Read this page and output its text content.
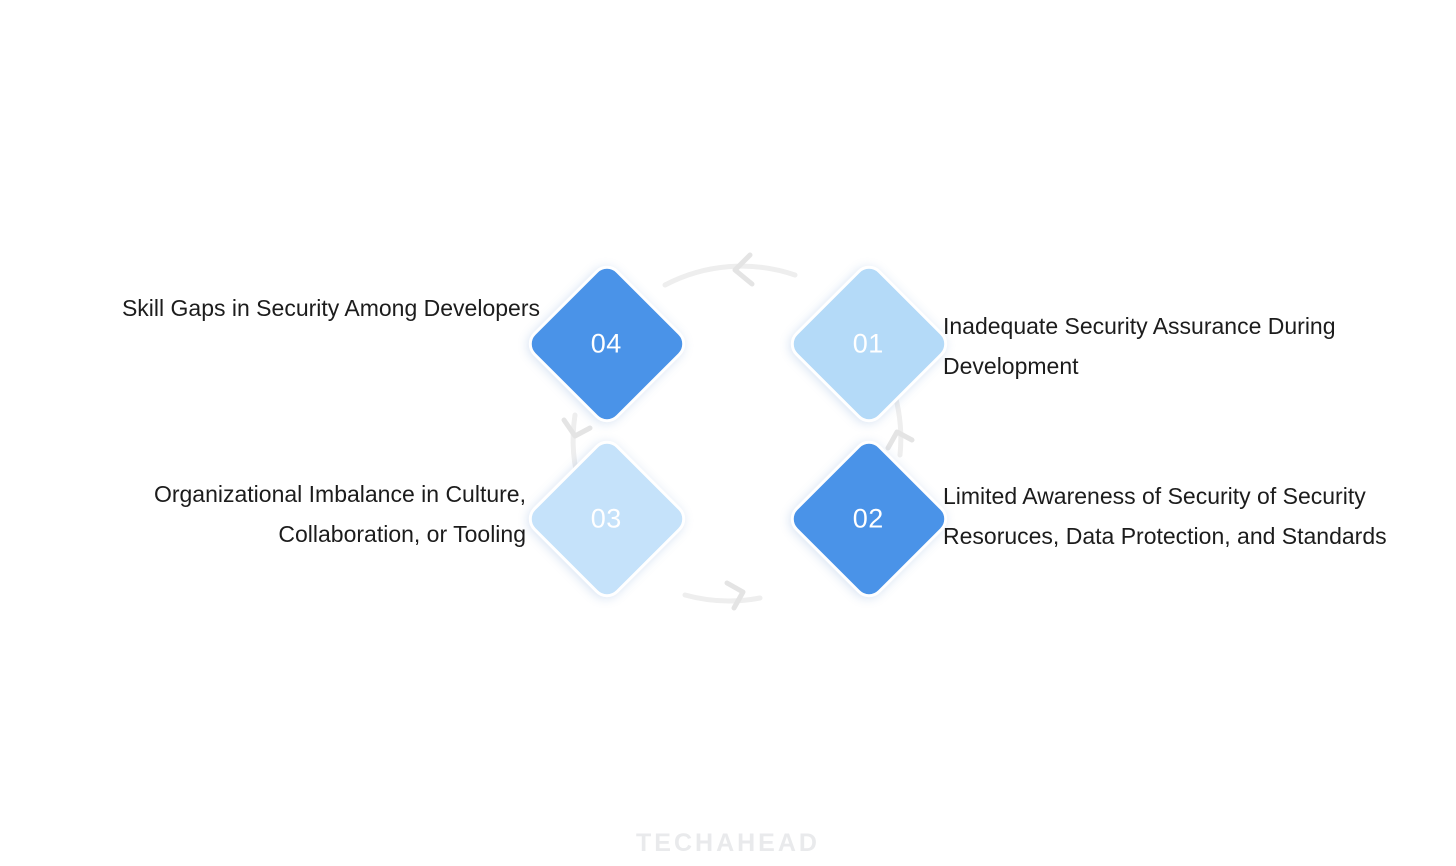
01
02
03
04
Inadequate Security Assurance During Development
Limited Awareness of Security of Security Resoruces, Data Protection, and Standards
Organizational Imbalance in Culture, Collaboration, or Tooling
Skill Gaps in Security Among Developers
TECHAHEAD
